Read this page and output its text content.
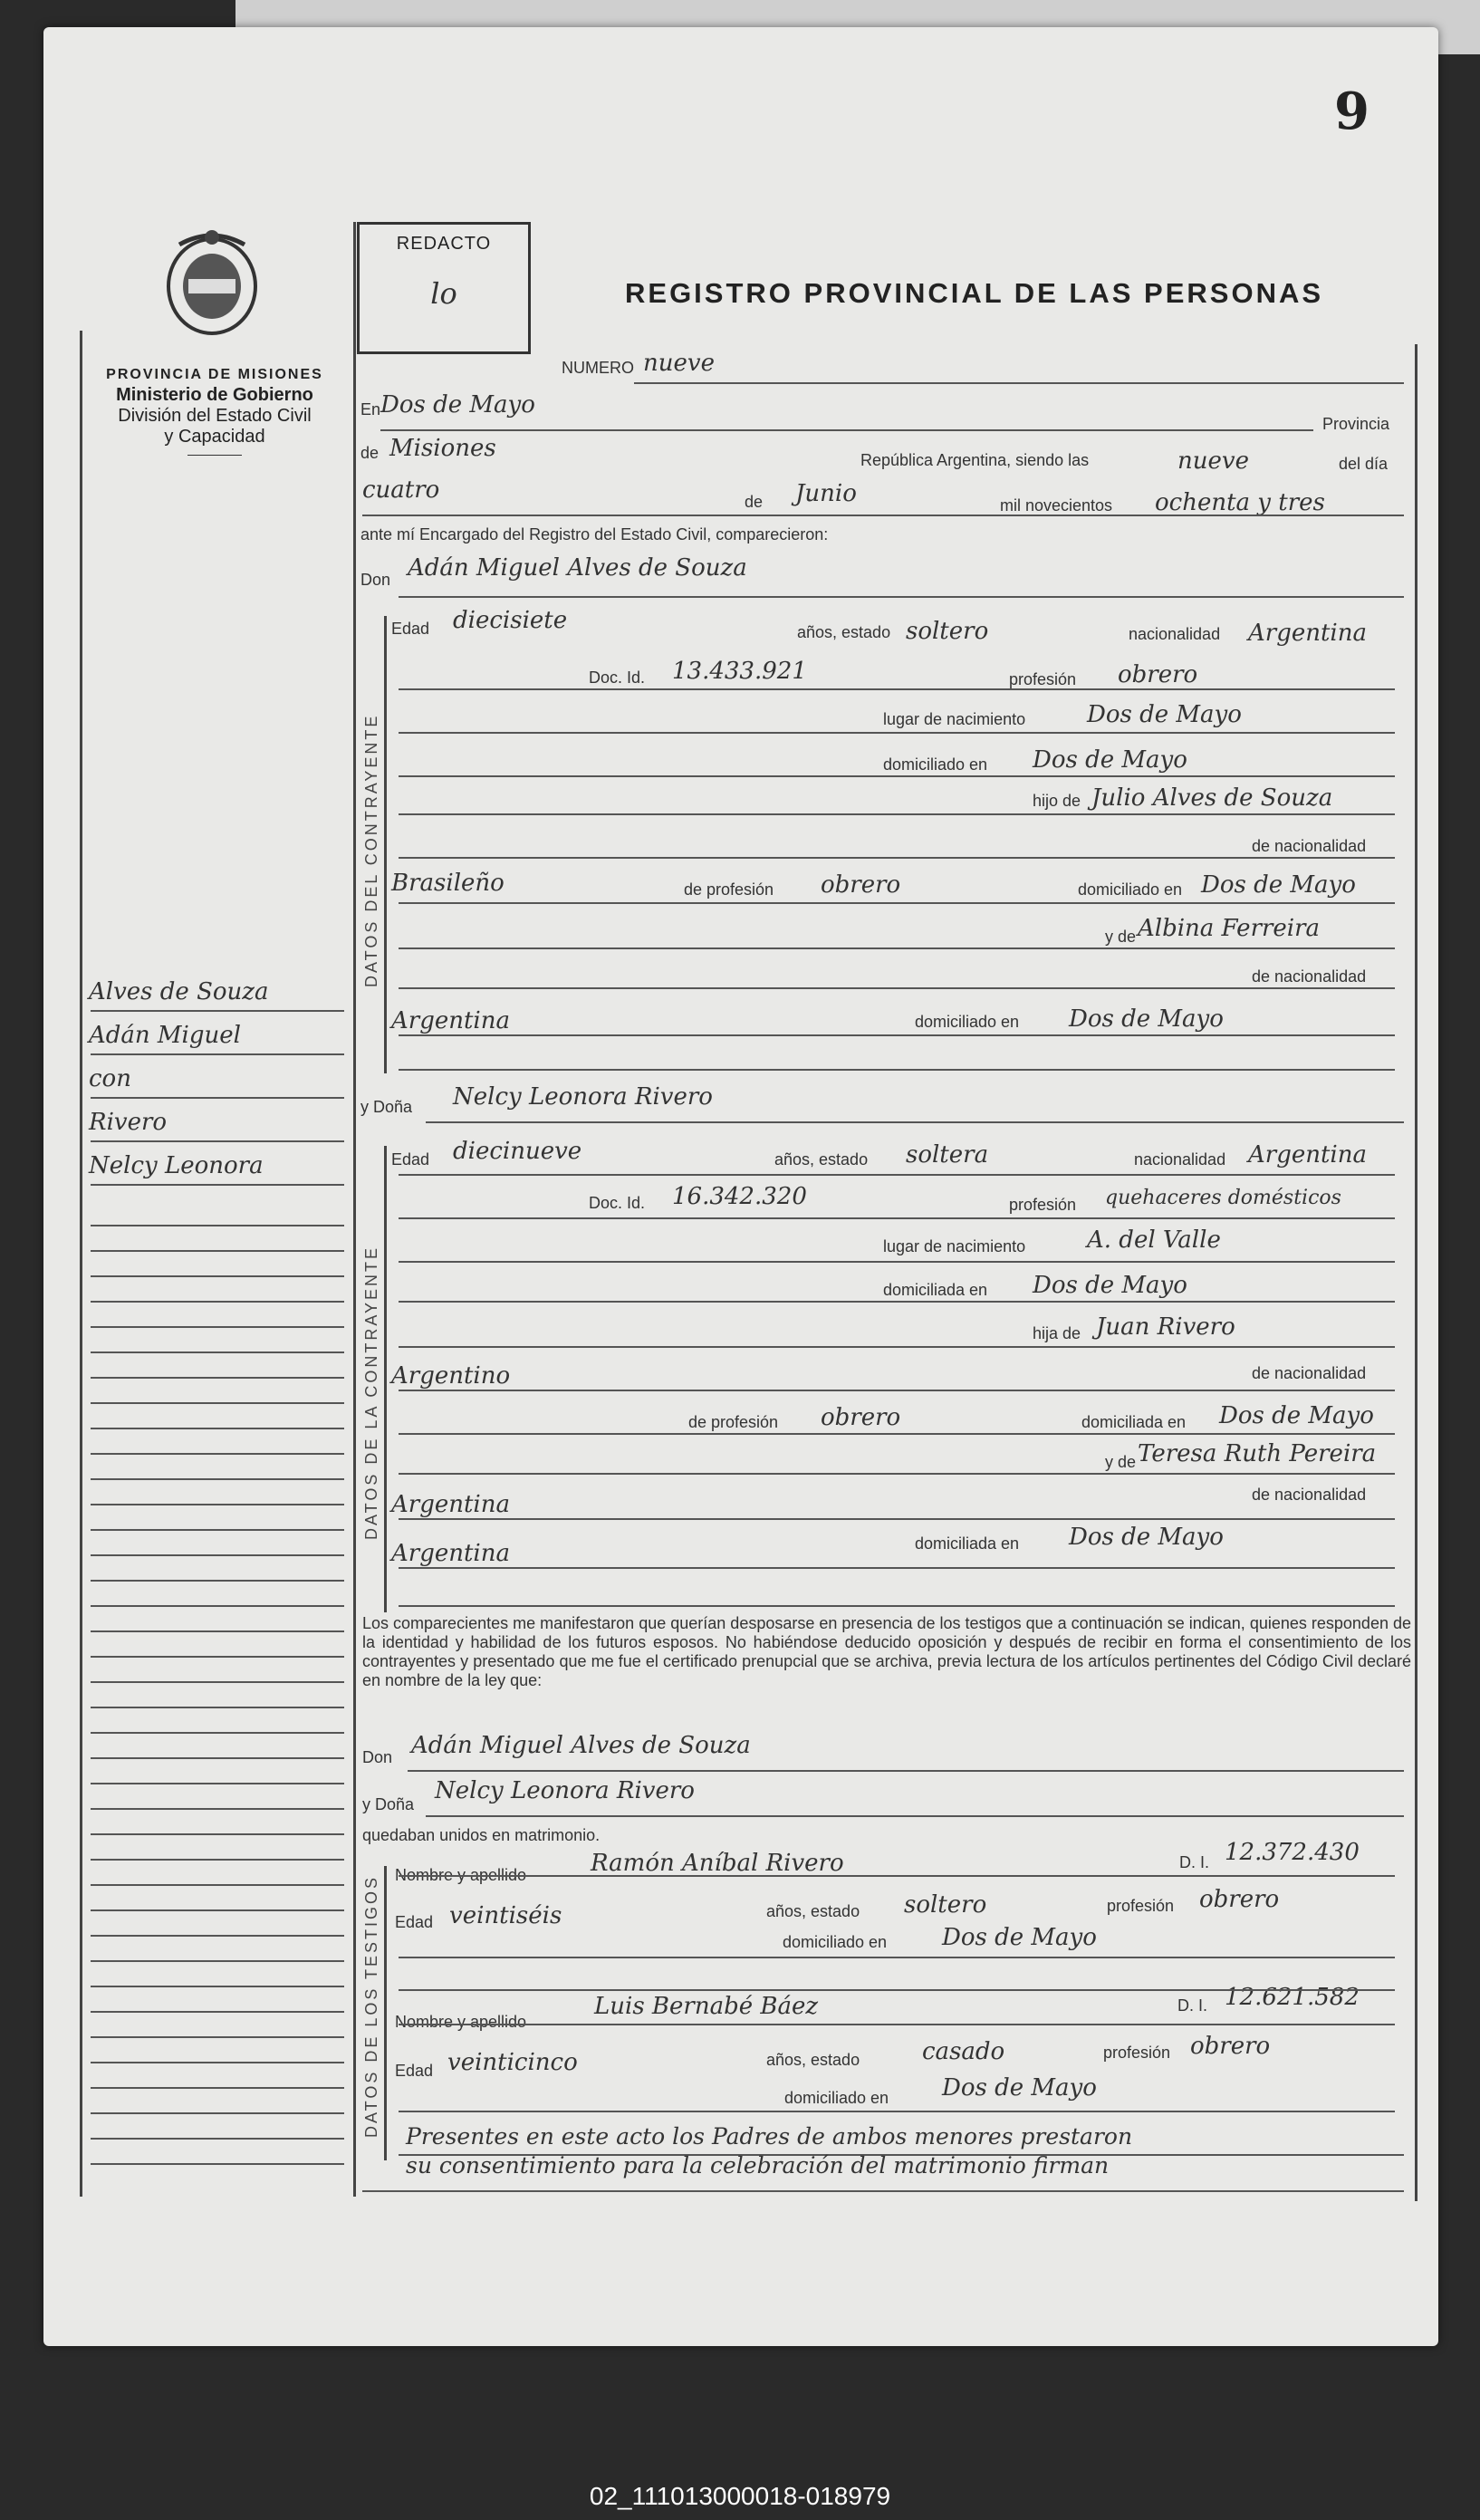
9
PROVINCIA DE MISIONES
Ministerio de Gobierno
División del Estado Civil
y Capacidad
REDACTO
lo	REGISTRO PROVINCIAL DE LAS PERSONAS
Alves de Souza
Adán Miguel
con
Rivero
Nelcy Leonora
NUMERO nueve
En Dos de Mayo
Provincia
de Misiones	República Argentina, siendo las	nueve	del día
cuatro	de Junio	mil novecientos ochenta y tres
ante mí Encargado del Registro del Estado Civil, comparecieron:
Don Adán Miguel Alves de Souza
DATOS DEL CONTRAYENTE
Edad diecisiete	años, estado soltero	nacionalidad Argentina
Doc. Id. 13.433.921	profesión obrero
lugar de nacimiento	Dos de Mayo
domiciliado en Dos de Mayo
hijo de Julio Alves de Souza
de nacionalidad
Brasileño	de profesión obrero	domiciliado en Dos de Mayo
y de Albina Ferreira
de nacionalidad
Argentina	domiciliado en Dos de Mayo
y Doña Nelcy Leonora Rivero
DATOS DE LA CONTRAYENTE
Edad diecinueve	años, estado soltera	nacionalidad Argentina
Doc. Id. 16.342.320	profesión quehaceres domésticos
lugar de nacimiento	A. del Valle
domiciliada en Dos de Mayo
hija de Juan Rivero
de nacionalidad
Argentino
de profesión obrero	domiciliada en Dos de Mayo
y de Teresa Ruth Pereira
de nacionalidad
Argentina
domiciliada en Dos de Mayo
Argentina
Los comparecientes me manifestaron que querían desposarse en presencia de los testigos que a continuación se indican, quienes responden de la identidad y habilidad de los futuros esposos. No habiéndose deducido oposición y después de recibir en forma el consentimiento de los contrayentes y presentado que me fue el certificado prenupcial que se archiva, previa lectura de los artículos pertinentes del Código Civil declaré en nombre de la ley que:
Don Adán Miguel Alves de Souza
y Doña Nelcy Leonora Rivero
quedaban unidos en matrimonio.
DATOS DE LOS TESTIGOS Nombre y apellido	Ramón Aníbal Rivero	D. I. 12.372.430
Edad veintiséis	años, estado soltero	profesión obrero
domiciliado en Dos de Mayo
Nombre y apellido
Luis Bernabé Báez	D. I. 12.621.582
Edad veinticinco	años, estado	casado	profesión obrero
domiciliado en Dos de Mayo
Presentes en este acto los Padres de ambos menores prestaron
su consentimiento para la celebración del matrimonio firman
02_111013000018-018979
